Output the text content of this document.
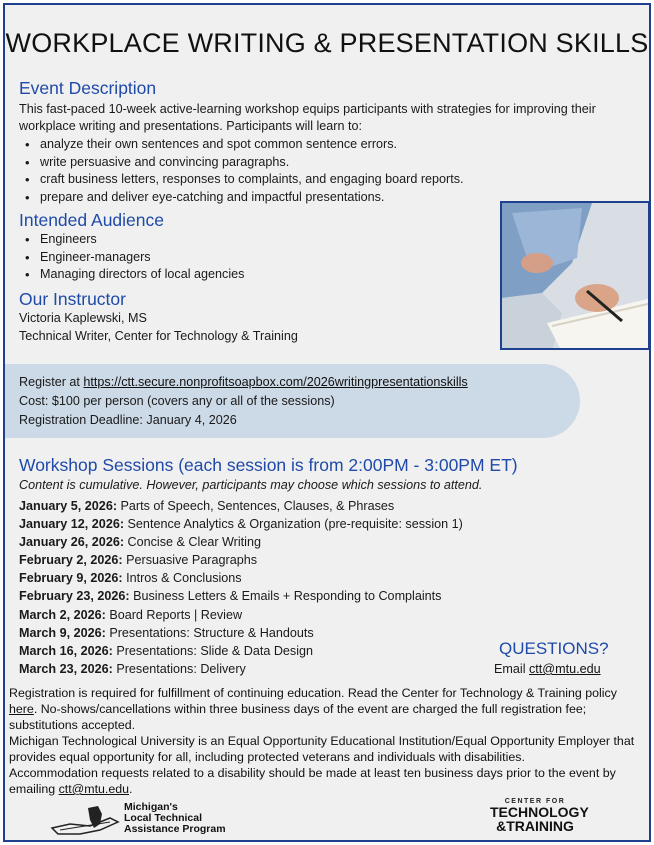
WORKPLACE WRITING & PRESENTATION SKILLS
Event Description
This fast-paced 10-week active-learning workshop equips participants with strategies for improving their workplace writing and presentations. Participants will learn to:
• analyze their own sentences and spot common sentence errors.
• write persuasive and convincing paragraphs.
• craft business letters, responses to complaints, and engaging board reports.
• prepare and deliver eye-catching and impactful presentations.
Intended Audience
• Engineers
• Engineer-managers
• Managing directors of local agencies
Our Instructor
Victoria Kaplewski, MS
Technical Writer, Center for Technology & Training
Register at https://ctt.secure.nonprofitsoapbox.com/2026writingpresentationskills
Cost: $100 per person (covers any or all of the sessions)
Registration Deadline: January 4, 2026
Workshop Sessions (each session is from 2:00PM - 3:00PM ET)
Content is cumulative. However, participants may choose which sessions to attend.
January 5, 2026: Parts of Speech, Sentences, Clauses, & Phrases
January 12, 2026: Sentence Analytics & Organization (pre-requisite: session 1)
January 26, 2026: Concise & Clear Writing
February 2, 2026: Persuasive Paragraphs
February 9, 2026: Intros & Conclusions
February 23, 2026: Business Letters & Emails + Responding to Complaints
March 2, 2026: Board Reports | Review
March 9, 2026: Presentations: Structure & Handouts
March 16, 2026: Presentations: Slide & Data Design
March 23, 2026: Presentations: Delivery
QUESTIONS?
Email ctt@mtu.edu
Registration is required for fulfillment of continuing education. Read the Center for Technology & Training policy here. No-shows/cancellations within three business days of the event are charged the full registration fee; substitutions accepted.
Michigan Technological University is an Equal Opportunity Educational Institution/Equal Opportunity Employer that provides equal opportunity for all, including protected veterans and individuals with disabilities.
Accommodation requests related to a disability should be made at least ten business days prior to the event by emailing ctt@mtu.edu.
Michigan's
Local Technical
Assistance Program
CENTER FOR
TECHNOLOGY
&TRAINING
